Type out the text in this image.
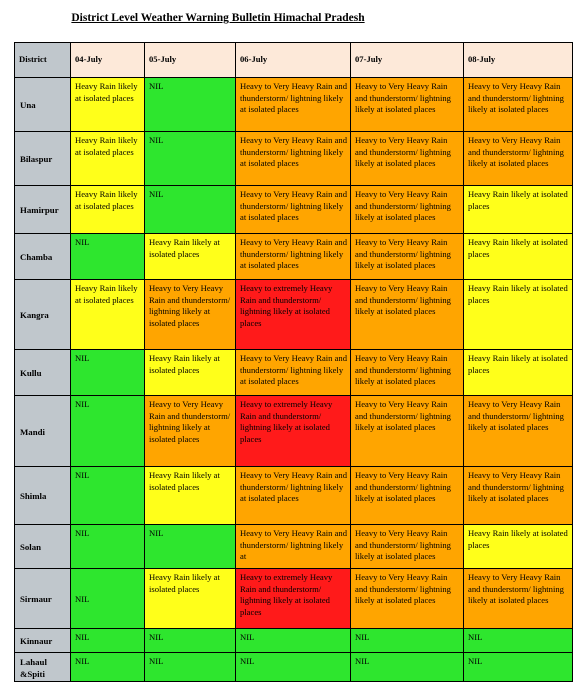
District Level Weather Warning Bulletin Himachal Pradesh
District	04-July	05-July	06-July	07-July	08-July
Una	Heavy Rain likely at isolated places	NIL	Heavy to Very Heavy Rain and thunderstorm/ lightning likely at isolated places	Heavy to Very Heavy Rain and thunderstorm/ lightning likely at isolated places	Heavy to Very Heavy Rain and thunderstorm/ lightning likely at isolated places
Bilaspur	Heavy Rain likely at isolated places	NIL	Heavy to Very Heavy Rain and thunderstorm/ lightning likely at isolated places	Heavy to Very Heavy Rain and thunderstorm/ lightning likely at isolated places	Heavy to Very Heavy Rain and thunderstorm/ lightning likely at isolated places
Hamirpur	Heavy Rain likely at isolated places	NIL	Heavy to Very Heavy Rain and thunderstorm/ lightning likely at isolated places	Heavy to Very Heavy Rain and thunderstorm/ lightning likely at isolated places	Heavy Rain likely at isolated places
Chamba	NIL	Heavy Rain likely at isolated places	Heavy to Very Heavy Rain and thunderstorm/ lightning likely at isolated places	Heavy to Very Heavy Rain and thunderstorm/ lightning likely at isolated places	Heavy Rain likely at isolated places
Kangra	Heavy Rain likely at isolated places	Heavy to Very Heavy Rain and thunderstorm/ lightning likely at isolated places	Heavy to extremely Heavy Rain and thunderstorm/ lightning likely at isolated places	Heavy to Very Heavy Rain and thunderstorm/ lightning likely at isolated places	Heavy Rain likely at isolated places
Kullu	NIL	Heavy Rain likely at isolated places	Heavy to Very Heavy Rain and thunderstorm/ lightning likely at isolated places	Heavy to Very Heavy Rain and thunderstorm/ lightning likely at isolated places	Heavy Rain likely at isolated places
Mandi	NIL	Heavy to Very Heavy Rain and thunderstorm/ lightning likely at isolated places	Heavy to extremely Heavy Rain and thunderstorm/ lightning likely at isolated places	Heavy to Very Heavy Rain and thunderstorm/ lightning likely at isolated places	Heavy to Very Heavy Rain and thunderstorm/ lightning likely at isolated places
Shimla	NIL	Heavy Rain likely at isolated places	Heavy to Very Heavy Rain and thunderstorm/ lightning likely at isolated places	Heavy to Very Heavy Rain and thunderstorm/ lightning likely at isolated places	Heavy to Very Heavy Rain and thunderstorm/ lightning likely at isolated places
Solan	NIL	NIL	Heavy to Very Heavy Rain and thunderstorm/ lightning likely at	Heavy to Very Heavy Rain and thunderstorm/ lightning likely at isolated places	Heavy Rain likely at isolated places
Sirmaur	NIL	Heavy Rain likely at isolated places	Heavy to extremely Heavy Rain and thunderstorm/ lightning likely at isolated places	Heavy to Very Heavy Rain and thunderstorm/ lightning likely at isolated places	Heavy to Very Heavy Rain and thunderstorm/ lightning likely at isolated places
Kinnaur	NIL	NIL	NIL	NIL	NIL
Lahaul &Spiti	NIL	NIL	NIL	NIL	NIL
